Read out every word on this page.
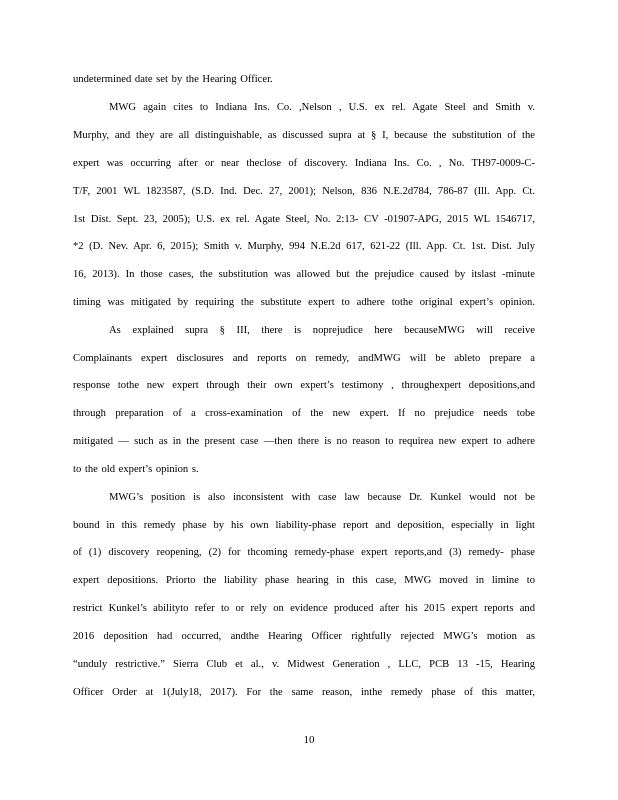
undetermined date set by the Hearing Officer.
MWG again cites to Indiana Ins. Co. ,Nelson , U.S. ex rel. Agate Steel and Smith v.
Murphy, and they are all distinguishable, as discussed supra at § I, because the substitution of the
expert was occurring after or near theclose of discovery. Indiana Ins. Co. , No. TH97-0009-C-
T/F, 2001 WL 1823587, (S.D. Ind. Dec. 27, 2001); Nelson, 836 N.E.2d784, 786-87 (Ill. App. Ct.
1st Dist. Sept. 23, 2005); U.S. ex rel. Agate Steel, No. 2:13- CV -01907-APG, 2015 WL 1546717,
*2 (D. Nev. Apr. 6, 2015); Smith v. Murphy, 994 N.E.2d 617, 621-22 (Ill. App. Ct. 1st. Dist. July
16, 2013). In those cases, the substitution was allowed but the prejudice caused by itslast -minute
timing was mitigated by requiring the substitute expert to adhere tothe original expert’s opinion.
As explained supra § III, there is noprejudice here becauseMWG will receive
Complainants expert disclosures and reports on remedy, andMWG will be ableto prepare a
response tothe new expert through their own expert’s testimony , throughexpert depositions,and
through preparation of a cross-examination of the new expert. If no prejudice needs tobe
mitigated — such as in the present case —then there is no reason to requirea new expert to adhere
to the old expert’s opinion s.
MWG’s position is also inconsistent with case law because Dr. Kunkel would not be
bound in this remedy phase by his own liability-phase report and deposition, especially in light
of (1) discovery reopening, (2) for thcoming remedy-phase expert reports,and (3) remedy- phase
expert depositions. Priorto the liability phase hearing in this case, MWG moved in limine to
restrict Kunkel’s abilityto refer to or rely on evidence produced after his 2015 expert reports and
2016 deposition had occurred, andthe Hearing Officer rightfully rejected MWG’s motion as
“unduly restrictive.” Sierra Club et al., v. Midwest Generation , LLC, PCB 13 -15, Hearing
Officer Order at 1(July18, 2017). For the same reason, inthe remedy phase of this matter,
10
